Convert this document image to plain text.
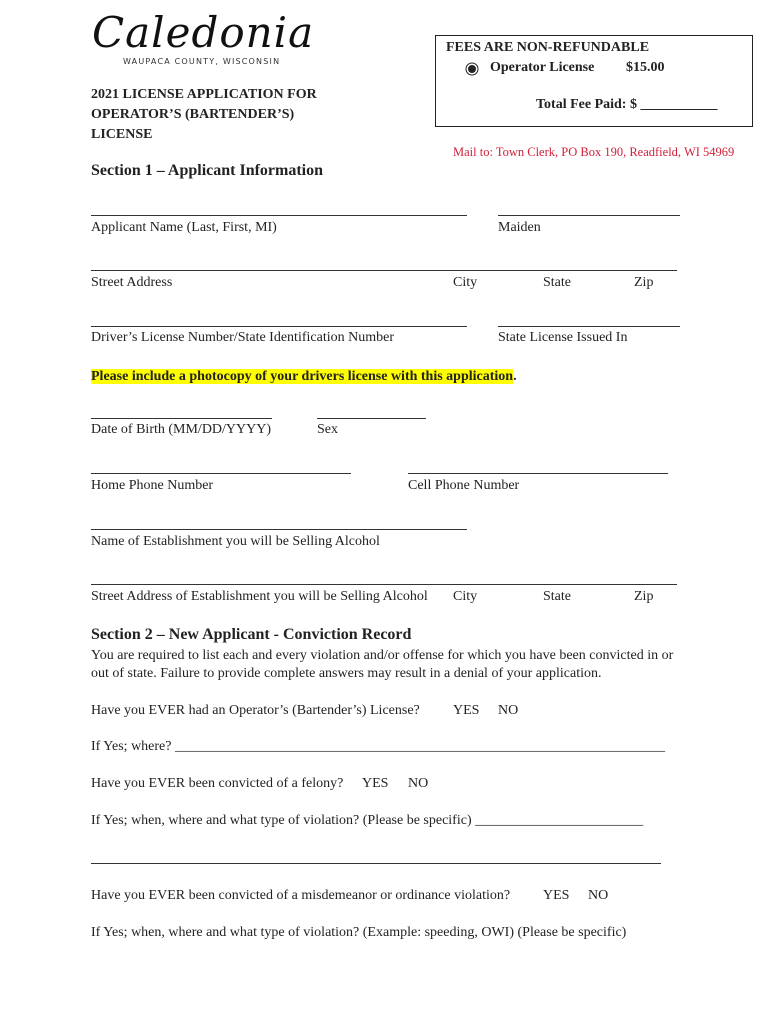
Caledonia
WAUPACA COUNTY, WISCONSIN
FEES ARE NON-REFUNDABLE
Operator License $15.00
Total Fee Paid: $ ___________
2021 LICENSE APPLICATION FOR
OPERATOR’S (BARTENDER’S)
LICENSE
Mail to: Town Clerk, PO Box 190, Readfield, WI 54969
Section 1 – Applicant Information
Applicant Name (Last, First, MI)	Maiden
Street Address	City	State	Zip
Driver’s License Number/State Identification Number	State License Issued In
Please include a photocopy of your drivers license with this application.
Date of Birth (MM/DD/YYYY)	Sex
Home Phone Number	Cell Phone Number
Name of Establishment you will be Selling Alcohol
Street Address of Establishment you will be Selling Alcohol City	State	Zip
Section 2 – New Applicant - Conviction Record
You are required to list each and every violation and/or offense for which you have been convicted in or out of state. Failure to provide complete answers may result in a denial of your application.
Have you EVER had an Operator’s (Bartender’s) License? YES NO
If Yes; where? ______________________________________________________________________
Have you EVER been convicted of a felony? YES NO
If Yes; when, where and what type of violation? (Please be specific) ________________________
Have you EVER been convicted of a misdemeanor or ordinance violation? YES NO
If Yes; when, where and what type of violation? (Example: speeding, OWI) (Please be specific)
